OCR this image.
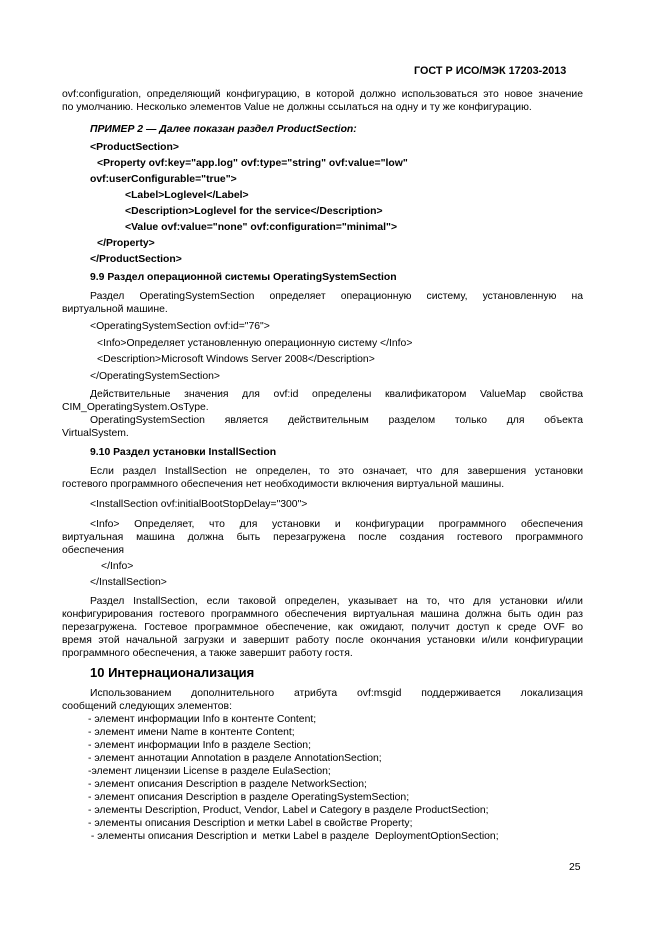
ГОСТ Р ИСО/МЭК 17203-2013
ovf:configuration, определяющий конфигурацию, в которой должно использоваться это новое значение
по умолчанию. Несколько элементов Value не должны ссылаться на одну и ту же конфигурацию.
ПРИМЕР 2 — Далее показан раздел ProductSection:
<ProductSection>
<Property ovf:key="app.log" ovf:type="string" ovf:value="low"
ovf:userConfigurable="true">
<Label>Loglevel</Label>
<Description>Loglevel for the service</Description>
<Value ovf:value="none" ovf:configuration="minimal">
</Property>
</ProductSection>
9.9 Раздел операционной системы OperatingSystemSection
Раздел OperatingSystemSection определяет операционную систему, установленную на
виртуальной машине.
<OperatingSystemSection ovf:id="76">
<Info>Определяет установленную операционную систему </Info>
<Description>Microsoft Windows Server 2008</Description>
</OperatingSystemSection>
Действительные значения для ovf:id определены квалификатором ValueMap свойства
CIM_OperatingSystem.OsType.
OperatingSystemSection является действительным разделом только для объекта
VirtualSystem.
9.10 Раздел установки InstallSection
Если раздел InstallSection не определен, то это означает, что для завершения установки
гостевого программного обеспечения нет необходимости включения виртуальной машины.
<InstallSection ovf:initialBootStopDelay="300">
<Info> Определяет, что для установки и конфигурации программного обеспечения
виртуальная машина должна быть перезагружена после создания гостевого программного
обеспечения
</Info>
</InstallSection>
Раздел InstallSection, если таковой определен, указывает на то, что для установки и/или
конфигурирования гостевого программного обеспечения виртуальная машина должна быть один раз
перезагружена. Гостевое программное обеспечение, как ожидают, получит доступ к среде OVF во
время этой начальной загрузки и завершит работу после окончания установки и/или конфигурации
программного обеспечения, а также завершит работу гостя.
10 Интернационализация
Использованием дополнительного атрибута ovf:msgid поддерживается локализация
сообщений следующих элементов:
- элемент информации Info в контенте Content;
- элемент имени Name в контенте Content;
- элемент информации Info в разделе Section;
- элемент аннотации Annotation в разделе AnnotationSection;
-элемент лицензии License в разделе EulaSection;
- элемент описания Description в разделе NetworkSection;
- элемент описания Description в разделе OperatingSystemSection;
- элементы Description, Product, Vendor, Label и Category в разделе ProductSection;
- элементы описания Description и метки Label в свойстве Property;
- элементы описания Description и  метки Label в разделе  DeploymentOptionSection;
25
